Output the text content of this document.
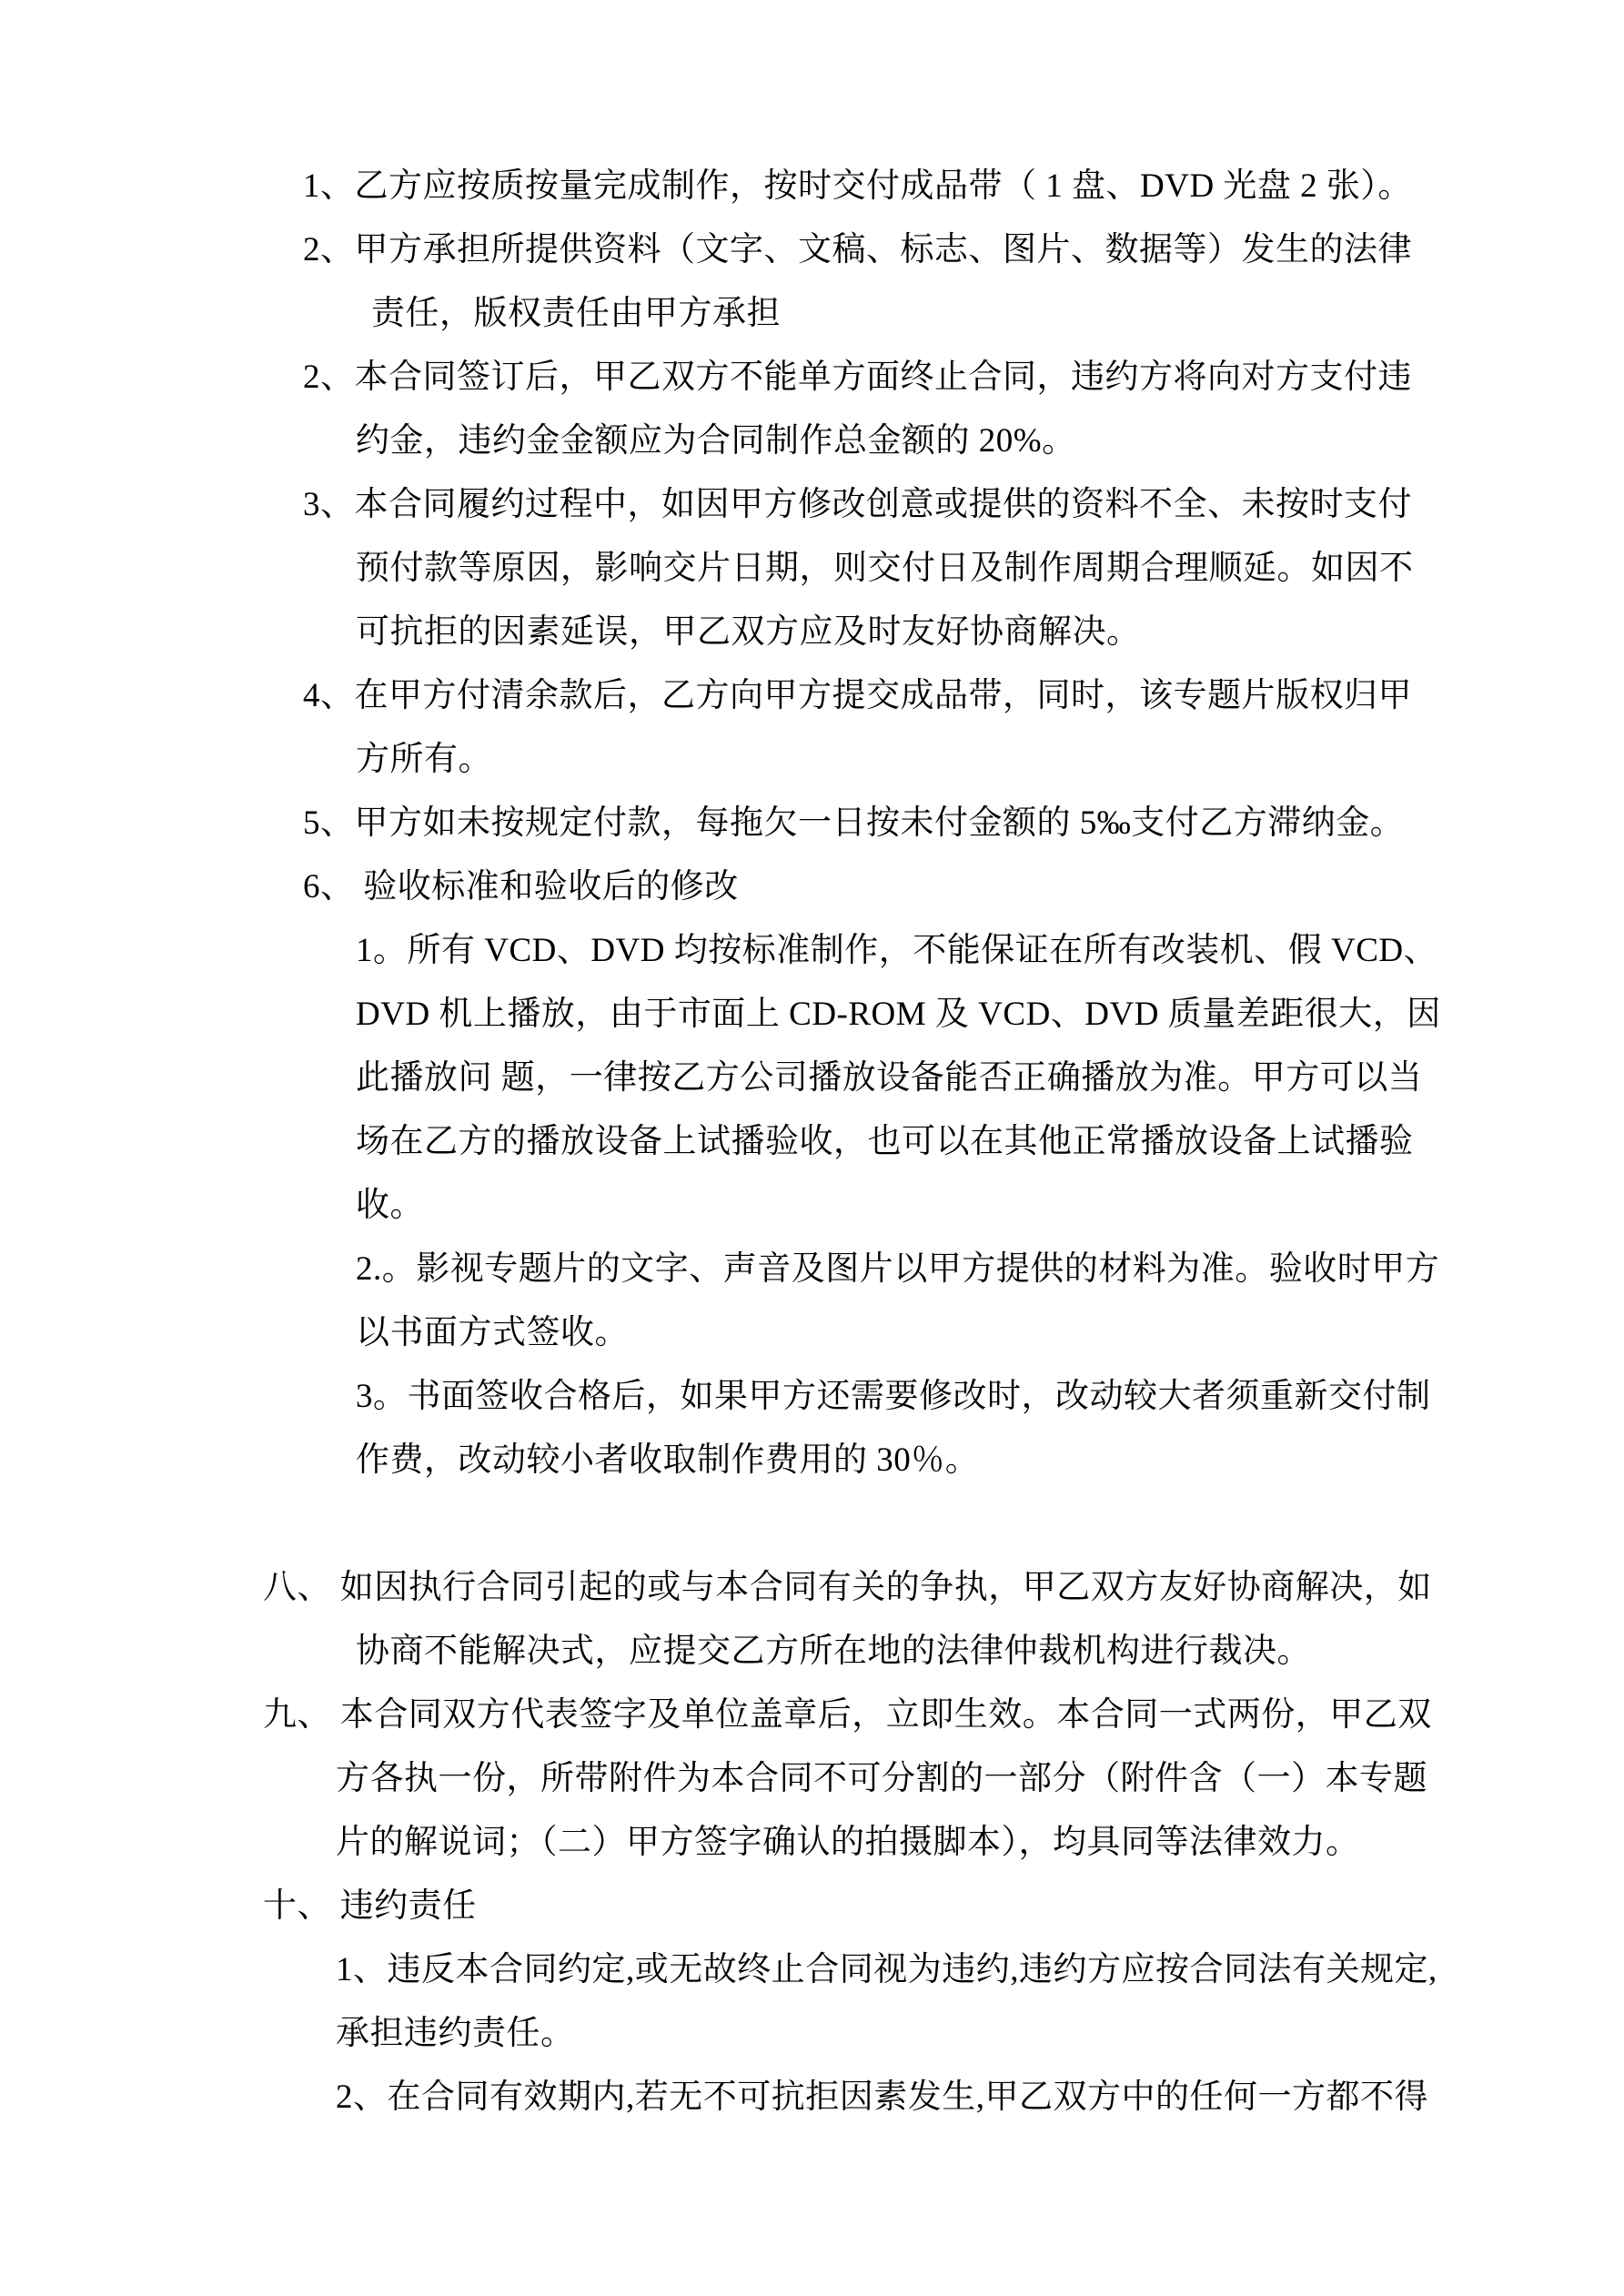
1、乙方应按质按量完成制作，按时交付成品带（ 1 盘、DVD 光盘 2 张）。
2、甲方承担所提供资料（文字、文稿、标志、图片、数据等）发生的法律
责任，版权责任由甲方承担
2、本合同签订后，甲乙双方不能单方面终止合同，违约方将向对方支付违
约金，违约金金额应为合同制作总金额的 20%。
3、本合同履约过程中，如因甲方修改创意或提供的资料不全、未按时支付
预付款等原因，影响交片日期，则交付日及制作周期合理顺延。如因不
可抗拒的因素延误，甲乙双方应及时友好协商解决。
4、在甲方付清余款后，乙方向甲方提交成品带，同时，该专题片版权归甲
方所有。
5、甲方如未按规定付款，每拖欠一日按未付金额的 5‰支付乙方滞纳金。
6、 验收标准和验收后的修改
1。所有 VCD、DVD 均按标准制作，不能保证在所有改装机、假 VCD、
DVD 机上播放，由于市面上 CD-ROM 及 VCD、DVD 质量差距很大，因
此播放问 题，一律按乙方公司播放设备能否正确播放为准。甲方可以当
场在乙方的播放设备上试播验收，也可以在其他正常播放设备上试播验
收。
2.。影视专题片的文字、声音及图片以甲方提供的材料为准。验收时甲方
以书面方式签收。
3。书面签收合格后，如果甲方还需要修改时，改动较大者须重新交付制
作费，改动较小者收取制作费用的 30％。
八、 如因执行合同引起的或与本合同有关的争执，甲乙双方友好协商解决，如
协商不能解决式，应提交乙方所在地的法律仲裁机构进行裁决。
九、 本合同双方代表签字及单位盖章后，立即生效。本合同一式两份，甲乙双
方各执一份，所带附件为本合同不可分割的一部分（附件含（一）本专题
片的解说词；（二）甲方签字确认的拍摄脚本），均具同等法律效力。
十、 违约责任
1、违反本合同约定,或无故终止合同视为违约,违约方应按合同法有关规定,
承担违约责任。
2、在合同有效期内,若无不可抗拒因素发生,甲乙双方中的任何一方都不得
